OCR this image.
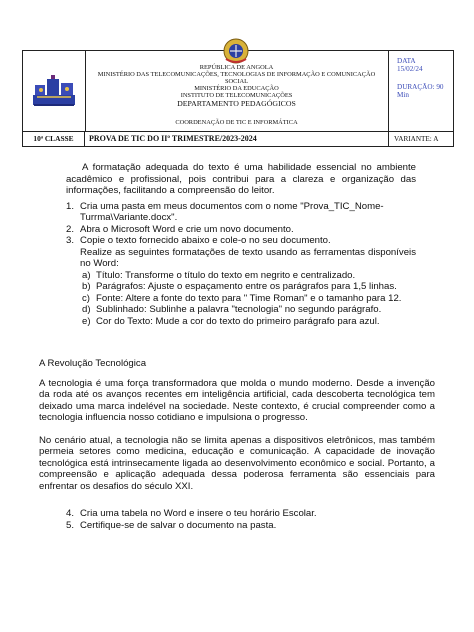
REPÚBLICA DE ANGOLA
MINISTÉRIO DAS TELECOMUNICAÇÕES, TECNOLOGIAS DE INFORMAÇÃO E COMUNICAÇÃO
SOCIAL
MINISTÉRIO DA EDUCAÇÃO
INSTITUTO DE TELECOMUNICAÇÕES
DEPARTAMENTO PEDAGÓGICOS
COORDENAÇÃO DE TIC E INFORMÁTICA
DATA
15/02/24
DURAÇÃO: 90
Min
10ª CLASSE	PROVA DE TIC DO IIº TRIMESTRE/2023-2024	VARIANTE: A

A formatação adequada do texto é uma habilidade essencial no ambiente acadêmico e profissional, pois contribui para a clareza e organização das informações, facilitando a compreensão do leitor.

1. Cria uma pasta em meus documentos com o nome "Prova_TIC_Nome-Turrma\Variante.docx".
2. Abra o Microsoft Word e crie um novo documento.
3. Copie o texto fornecido abaixo e cole-o no seu documento.
Realize as seguintes formatações de texto usando as ferramentas disponíveis no Word:
a) Título: Transforme o título do texto em negrito e centralizado.
b) Parágrafos: Ajuste o espaçamento entre os parágrafos para 1,5 linhas.
c) Fonte: Altere a fonte do texto para " Time Roman" e o tamanho para 12.
d) Sublinhado: Sublinhe a palavra "tecnologia" no segundo parágrafo.
e) Cor do Texto: Mude a cor do texto do primeiro parágrafo para azul.
A Revolução Tecnológica

A tecnologia é uma força transformadora que molda o mundo moderno. Desde a invenção da roda até os avanços recentes em inteligência artificial, cada descoberta tecnológica tem deixado uma marca indelével na sociedade. Neste contexto, é crucial compreender como a tecnologia influencia nosso cotidiano e impulsiona o progresso.

No cenário atual, a tecnologia não se limita apenas a dispositivos eletrônicos, mas também permeia setores como medicina, educação e comunicação. A capacidade de inovação tecnológica está intrinsecamente ligada ao desenvolvimento econômico e social. Portanto, a compreensão e aplicação adequada dessa poderosa ferramenta são essenciais para enfrentar os desafios do século XXI.

4. Cria uma tabela no Word e insere o teu horário Escolar.
5. Certifique-se de salvar o documento na pasta.
